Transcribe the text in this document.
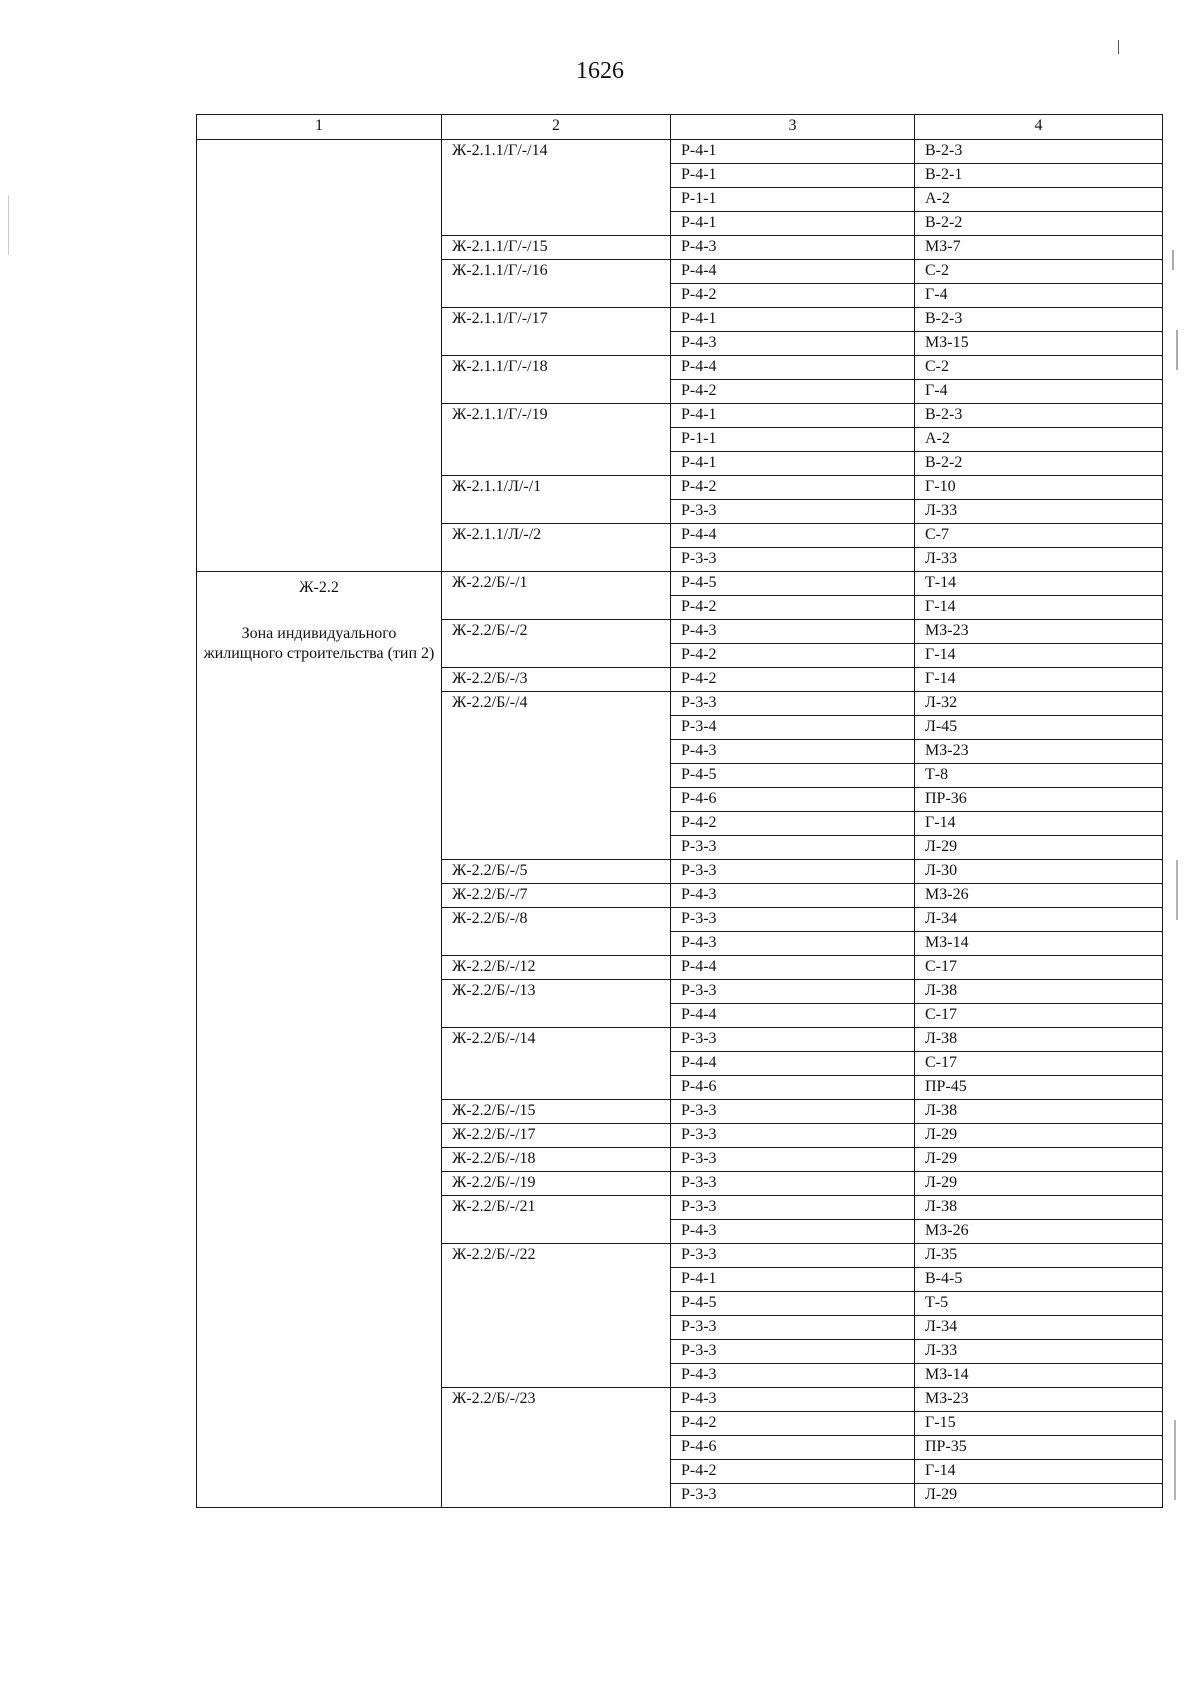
1626
1	2	3	4

	Ж-2.1.1/Г/-/14	Р-4-1	В-2-3
		Р-4-1	В-2-1
		Р-1-1	А-2
		Р-4-1	В-2-2
	Ж-2.1.1/Г/-/15	Р-4-3	МЗ-7
	Ж-2.1.1/Г/-/16	Р-4-4	С-2
		Р-4-2	Г-4
	Ж-2.1.1/Г/-/17	Р-4-1	В-2-3
		Р-4-3	МЗ-15
	Ж-2.1.1/Г/-/18	Р-4-4	С-2
		Р-4-2	Г-4
	Ж-2.1.1/Г/-/19	Р-4-1	В-2-3
		Р-1-1	А-2
		Р-4-1	В-2-2
	Ж-2.1.1/Л/-/1	Р-4-2	Г-10
		Р-3-3	Л-33
	Ж-2.1.1/Л/-/2	Р-4-4	С-7
		Р-3-3	Л-33

Ж-2.2
Зона индивидуального жилищного строительства (тип 2)	Ж-2.2/Б/-/1	Р-4-5	Т-14
		Р-4-2	Г-14
	Ж-2.2/Б/-/2	Р-4-3	МЗ-23
		Р-4-2	Г-14
	Ж-2.2/Б/-/3	Р-4-2	Г-14
	Ж-2.2/Б/-/4	Р-3-3	Л-32
		Р-3-4	Л-45
		Р-4-3	МЗ-23
		Р-4-5	Т-8
		Р-4-6	ПР-36
		Р-4-2	Г-14
		Р-3-3	Л-29
	Ж-2.2/Б/-/5	Р-3-3	Л-30
	Ж-2.2/Б/-/7	Р-4-3	МЗ-26
	Ж-2.2/Б/-/8	Р-3-3	Л-34
		Р-4-3	МЗ-14
	Ж-2.2/Б/-/12	Р-4-4	С-17
	Ж-2.2/Б/-/13	Р-3-3	Л-38
		Р-4-4	С-17
	Ж-2.2/Б/-/14	Р-3-3	Л-38
		Р-4-4	С-17
		Р-4-6	ПР-45
	Ж-2.2/Б/-/15	Р-3-3	Л-38
	Ж-2.2/Б/-/17	Р-3-3	Л-29
	Ж-2.2/Б/-/18	Р-3-3	Л-29
	Ж-2.2/Б/-/19	Р-3-3	Л-29
	Ж-2.2/Б/-/21	Р-3-3	Л-38
		Р-4-3	МЗ-26
	Ж-2.2/Б/-/22	Р-3-3	Л-35
		Р-4-1	В-4-5
		Р-4-5	Т-5
		Р-3-3	Л-34
		Р-3-3	Л-33
		Р-4-3	МЗ-14
	Ж-2.2/Б/-/23	Р-4-3	МЗ-23
		Р-4-2	Г-15
		Р-4-6	ПР-35
		Р-4-2	Г-14
		Р-3-3	Л-29
